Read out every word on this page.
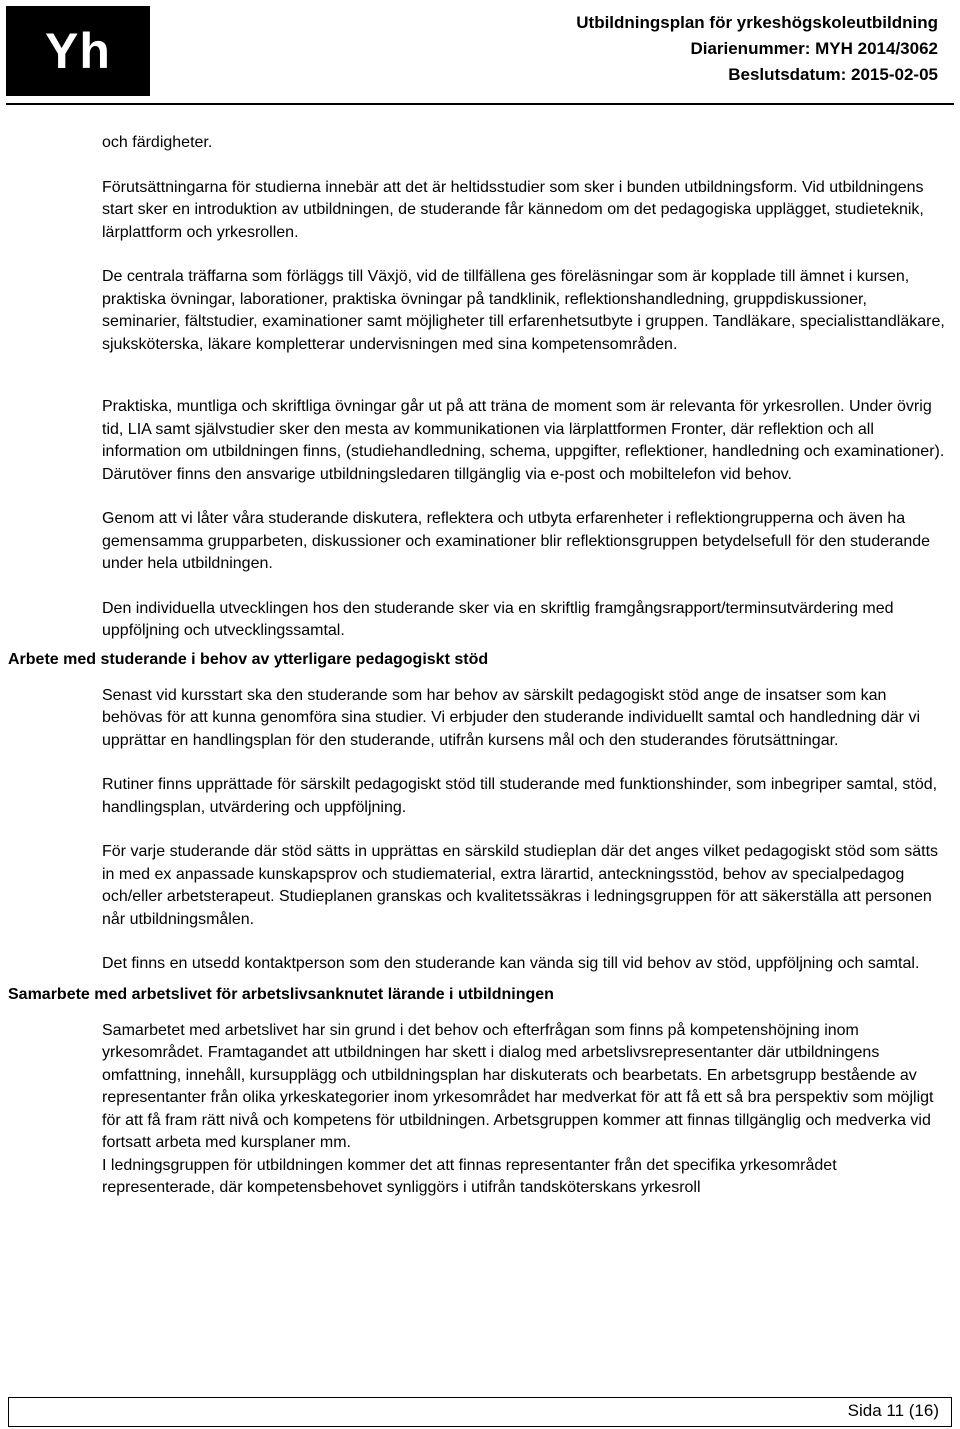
Yh
Utbildningsplan för yrkeshögskoleutbildning
Diarienummer: MYH 2014/3062
Beslutsdatum: 2015-02-05

och färdigheter.

Förutsättningarna för studierna innebär att det är heltidsstudier som sker i bunden utbildningsform. Vid utbildningens start sker en introduktion av utbildningen, de studerande får kännedom om det pedagogiska upplägget, studieteknik, lärplattform och yrkesrollen.

De centrala träffarna som förläggs till Växjö, vid de tillfällena ges föreläsningar som är kopplade till ämnet i kursen, praktiska övningar, laborationer, praktiska övningar på tandklinik, reflektionshandledning, gruppdiskussioner, seminarier, fältstudier, examinationer samt möjligheter till erfarenhetsutbyte i gruppen. Tandläkare, specialisttandläkare, sjuksköterska, läkare kompletterar undervisningen med sina kompetensområden.

Praktiska, muntliga och skriftliga övningar går ut på att träna de moment som är relevanta för yrkesrollen. Under övrig tid, LIA samt självstudier sker den mesta av kommunikationen via lärplattformen Fronter, där reflektion och all information om utbildningen finns, (studiehandledning, schema, uppgifter, reflektioner, handledning och examinationer). Därutöver finns den ansvarige utbildningsledaren tillgänglig via e-post och mobiltelefon vid behov.

Genom att vi låter våra studerande diskutera, reflektera och utbyta erfarenheter i reflektiongrupperna och även ha gemensamma grupparbeten, diskussioner och examinationer blir reflektionsgruppen betydelsefull för den studerande under hela utbildningen.

Den individuella utvecklingen hos den studerande sker via en skriftlig framgångsrapport/terminsutvärdering med uppföljning och utvecklingssamtal.

Arbete med studerande i behov av ytterligare pedagogiskt stöd

Senast vid kursstart ska den studerande som har behov av särskilt pedagogiskt stöd ange de insatser som kan behövas för att kunna genomföra sina studier. Vi erbjuder den studerande individuellt samtal och handledning där vi upprättar en handlingsplan för den studerande, utifrån kursens mål och den studerandes förutsättningar.

Rutiner finns upprättade för särskilt pedagogiskt stöd till studerande med funktionshinder, som inbegriper samtal, stöd, handlingsplan, utvärdering och uppföljning.

För varje studerande där stöd sätts in upprättas en särskild studieplan där det anges vilket pedagogiskt stöd som sätts in med ex anpassade kunskapsprov och studiematerial, extra lärartid, anteckningsstöd, behov av specialpedagog och/eller arbetsterapeut. Studieplanen granskas och kvalitetssäkras i ledningsgruppen för att säkerställa att personen når utbildningsmålen.

Det finns en utsedd kontaktperson som den studerande kan vända sig till vid behov av stöd, uppföljning och samtal.

Samarbete med arbetslivet för arbetslivsanknutet lärande i utbildningen

Samarbetet med arbetslivet har sin grund i det behov och efterfrågan som finns på kompetenshöjning inom yrkesområdet. Framtagandet att utbildningen har skett i dialog med arbetslivsrepresentanter där utbildningens omfattning, innehåll, kursupplägg och utbildningsplan har diskuterats och bearbetats. En arbetsgrupp bestående av representanter från olika yrkeskategorier inom yrkesområdet har medverkat för att få ett så bra perspektiv som möjligt för att få fram rätt nivå och kompetens för utbildningen. Arbetsgruppen kommer att finnas tillgänglig och medverka vid fortsatt arbeta med kursplaner mm.

I ledningsgruppen för utbildningen kommer det att finnas representanter från det specifika yrkesområdet representerade, där kompetensbehovet synliggörs i utifrån tandsköterskans yrkesroll

Sida 11 (16)
